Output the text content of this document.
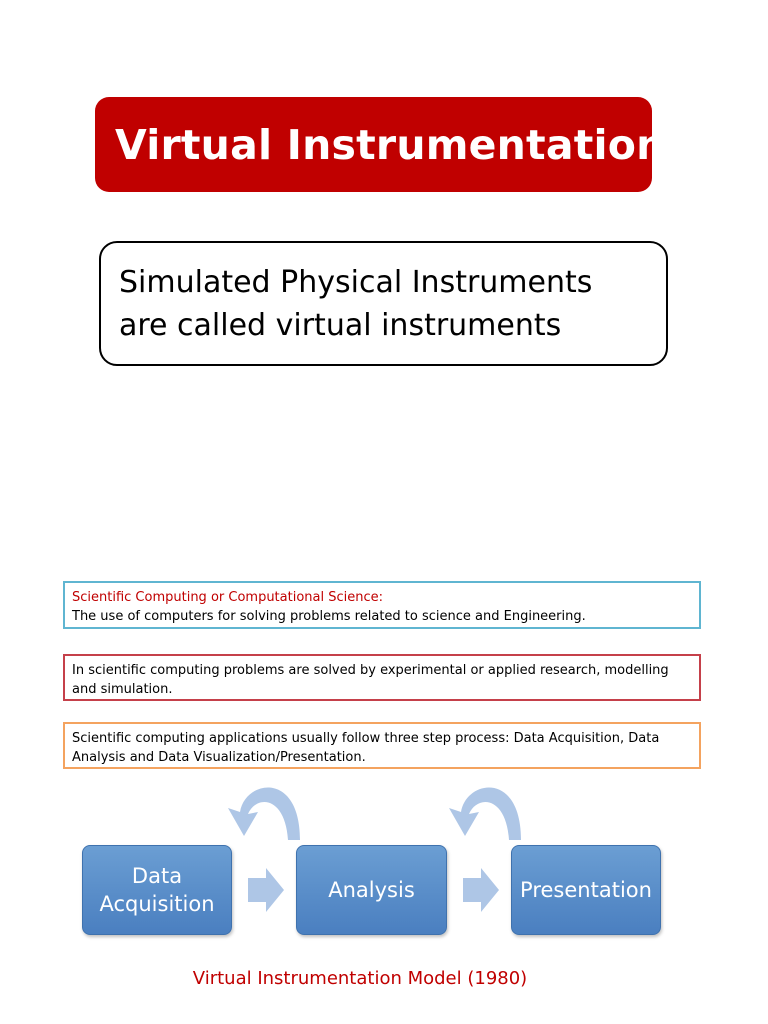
Virtual Instrumentation
Simulated Physical Instruments
are called virtual instruments
Scientific Computing or Computational Science:
The use of computers for solving problems related to science and Engineering.
In scientific computing problems are solved by experimental or applied research, modelling
and simulation.
Scientific computing applications usually follow three step process: Data Acquisition, Data
Analysis and Data Visualization/Presentation.
Data
Acquisition
Analysis	Presentation
Virtual Instrumentation Model (1980)
